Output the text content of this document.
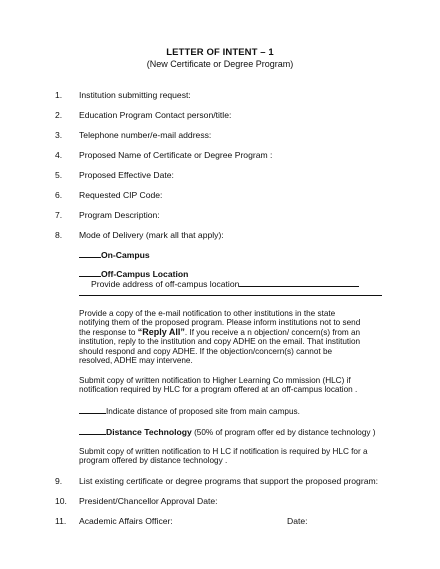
LETTER OF INTENT – 1
(New Certificate or Degree Program)
1.	Institution submitting request:
2.	Education Program Contact person/title:
3.	Telephone number/e-mail address:
4.	Proposed Name of Certificate or Degree Program :
5.	Proposed Effective Date:
6.	Requested CIP Code:
7.	Program Description:
8.	Mode of Delivery (mark all that apply):
On-Campus
Off-Campus Location
Provide address of off-campus location

Provide a copy of the e-mail notification to other institutions in the state

notifying them of the proposed program. Please inform institutions not to send

the response to “Reply All”. If you receive a n objection/ concern(s) from an

institution, reply to the institution and copy ADHE on the email. That institution

should respond and copy ADHE. If the objection/concern(s) cannot be

resolved, ADHE may intervene.

Submit copy of written notification to Higher Learning Co mmission (HLC) if

notification required by HLC for a program offered at an off-campus location .

Indicate distance of proposed site from main campus.
Distance Technology (50% of program offer ed by distance technology )

Submit copy of written notification to H LC if notification is required by HLC for a

program offered by distance technology .

9.	List existing certificate or degree programs that support the proposed program:
10.	President/Chancellor Approval Date:
11.	Academic Affairs Officer:	Date:
